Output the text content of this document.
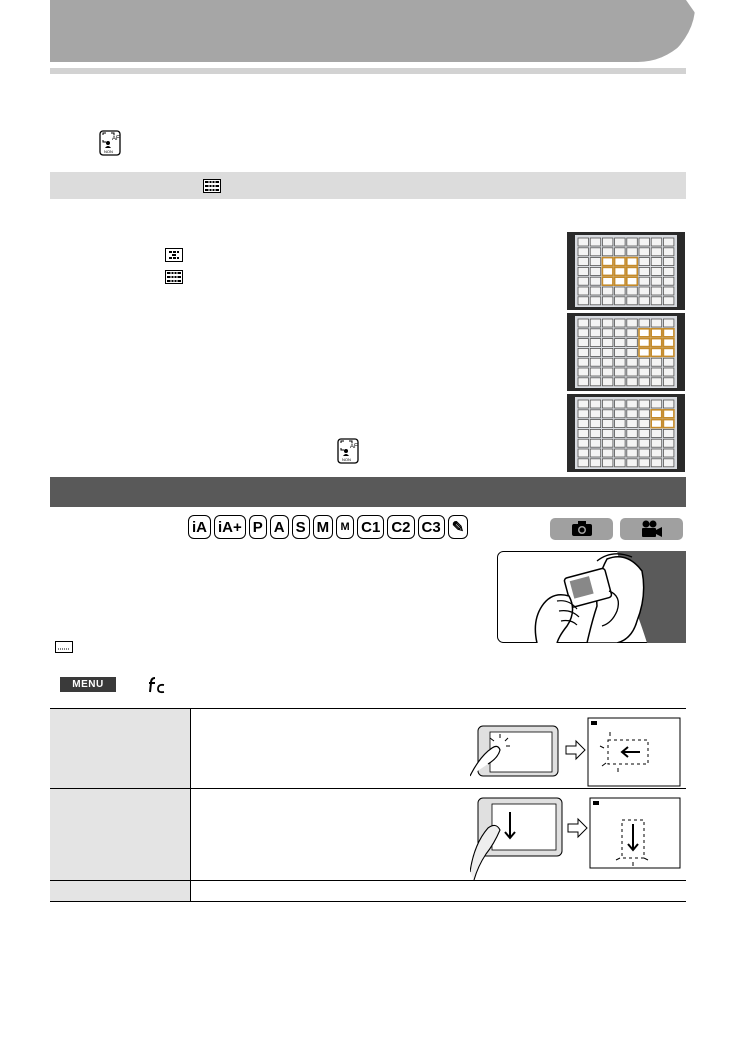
AF
NON
AF
NON
iA iA+ P A S M	M C1 C2 C3 ✎
MENU
